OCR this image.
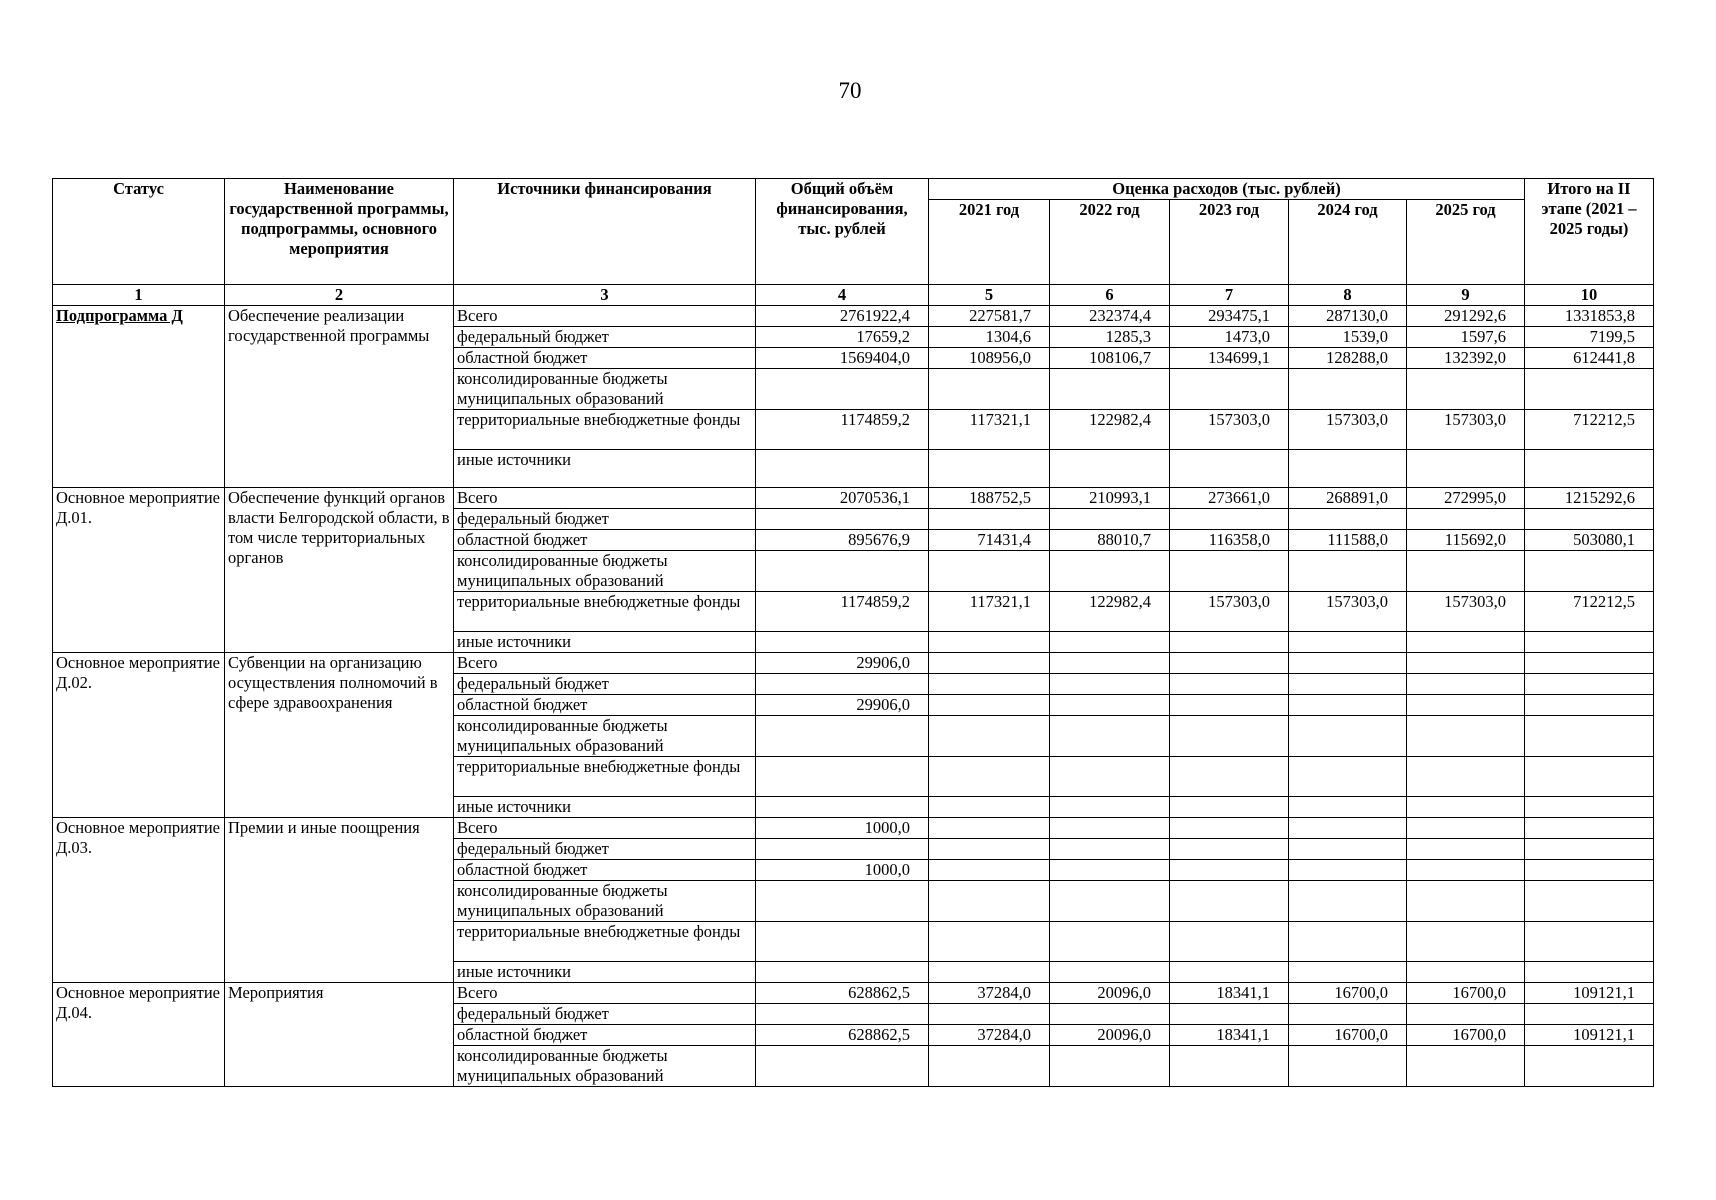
70
Статус	Наименование государственной программы, подпрограммы, основного мероприятия	Источники финансирования	Общий объём финансирования, тыс. рублей	Оценка расходов (тыс. рублей)					Итого на II этапе (2021 – 2025 годы)
				2021 год	2022 год	2023 год	2024 год	2025 год	
1	2	3	4	5	6	7	8	9	10
Подпрограмма Д	Обеспечение реализации государственной программы	Всего	2761922,4	227581,7	232374,4	293475,1	287130,0	291292,6	1331853,8
		федеральный бюджет	17659,2	1304,6	1285,3	1473,0	1539,0	1597,6	7199,5
		областной бюджет	1569404,0	108956,0	108106,7	134699,1	128288,0	132392,0	612441,8
		консолидированные бюджеты муниципальных образований							
		территориальные внебюджетные фонды	1174859,2	117321,1	122982,4	157303,0	157303,0	157303,0	712212,5
		иные источники							
Основное мероприятие Д.01.	Обеспечение функций органов власти Белгородской области, в том числе территориальных органов	Всего	2070536,1	188752,5	210993,1	273661,0	268891,0	272995,0	1215292,6
		федеральный бюджет							
		областной бюджет	895676,9	71431,4	88010,7	116358,0	111588,0	115692,0	503080,1
		консолидированные бюджеты муниципальных образований							
		территориальные внебюджетные фонды	1174859,2	117321,1	122982,4	157303,0	157303,0	157303,0	712212,5
		иные источники							
Основное мероприятие Д.02.	Субвенции на организацию осуществления полномочий в сфере здравоохранения	Всего	29906,0						
		федеральный бюджет							
		областной бюджет	29906,0						
		консолидированные бюджеты муниципальных образований							
		территориальные внебюджетные фонды							
		иные источники							
Основное мероприятие Д.03.	Премии и иные поощрения	Всего	1000,0						
		федеральный бюджет							
		областной бюджет	1000,0						
		консолидированные бюджеты муниципальных образований							
		территориальные внебюджетные фонды							
		иные источники							
Основное мероприятие Д.04.	Мероприятия	Всего	628862,5	37284,0	20096,0	18341,1	16700,0	16700,0	109121,1
		федеральный бюджет							
		областной бюджет	628862,5	37284,0	20096,0	18341,1	16700,0	16700,0	109121,1
		консолидированные бюджеты муниципальных образований							
